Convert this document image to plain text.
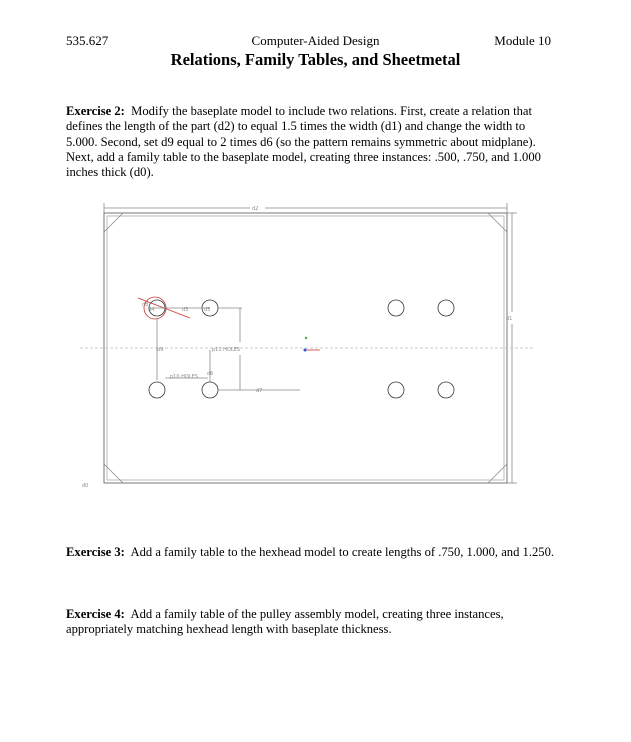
535.627	Computer-Aided Design	Module 10
Relations, Family Tables, and Sheetmetal
Exercise 2: Modify the baseplate model to include two relations. First, create a relation that defines the length of the part (d2) to equal 1.5 times the width (d1) and change the width to 5.000. Second, set d9 equal to 2 times d6 (so the pattern remains symmetric about midplane). Next, add a family table to the baseplate model, creating three instances: .500, .750, and 1.000 inches thick (d0).
d2
d1
d0
d4	d3	d5
d9	p11 HOLES
d6
p10 HOLES
d7
d8
Exercise 3: Add a family table to the hexhead model to create lengths of .750, 1.000, and 1.250.
Exercise 4: Add a family table of the pulley assembly model, creating three instances, appropriately matching hexhead length with baseplate thickness.
